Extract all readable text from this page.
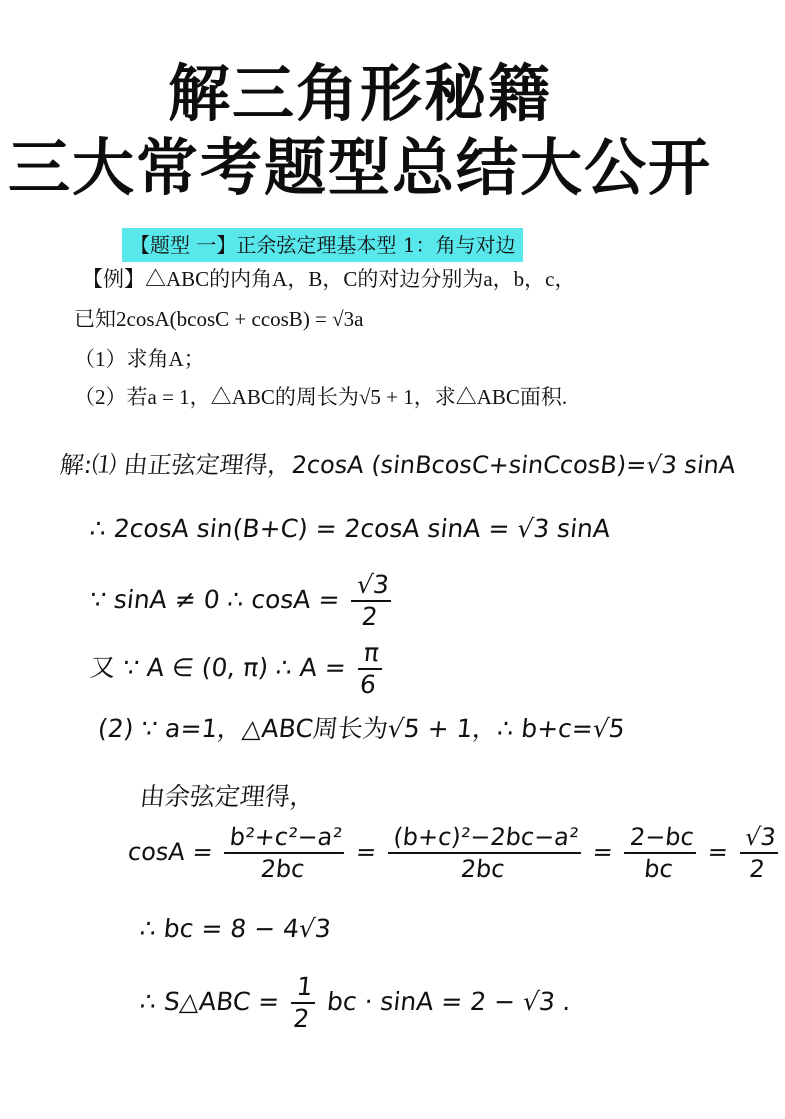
解三角形秘籍
三大常考题型总结大公开
【题型 一】正余弦定理基本型 1：角与对边
【例】△ABC的内角A，B，C的对边分别为a，b，c，
已知2cosA(bcosC + ccosB) = √3a
（1）求角A；
（2）若a = 1，△ABC的周长为√5 + 1，求△ABC面积.
解:⑴ 由正弦定理得，2cosA (sinBcosC+sinCcosB)=√3 sinA
∴ 2cosA sin(B+C) = 2cosA sinA = √3 sinA
∵ sinA ≠ 0 ∴ $\cos A = \frac{√3}{2}$
又 ∵ A ∈ (0, π) ∴ $A = \frac{\pi}{6}$
(2) ∵ a=1，△ABC周长为√5 + 1，∴ b+c=√5
由余弦定理得，
$\cos A = \frac{\text{b²+c²−a²}}{2bc} = \frac{\text{(b+c)²−2bc−a²}}{2bc} = \frac{2-bc}{bc} = \frac{√3}{2}$
∴ bc = 8 − 4√3
∴ S△ABC = $\frac{1}{2}$ bc · sinA = 2 − √3 .
